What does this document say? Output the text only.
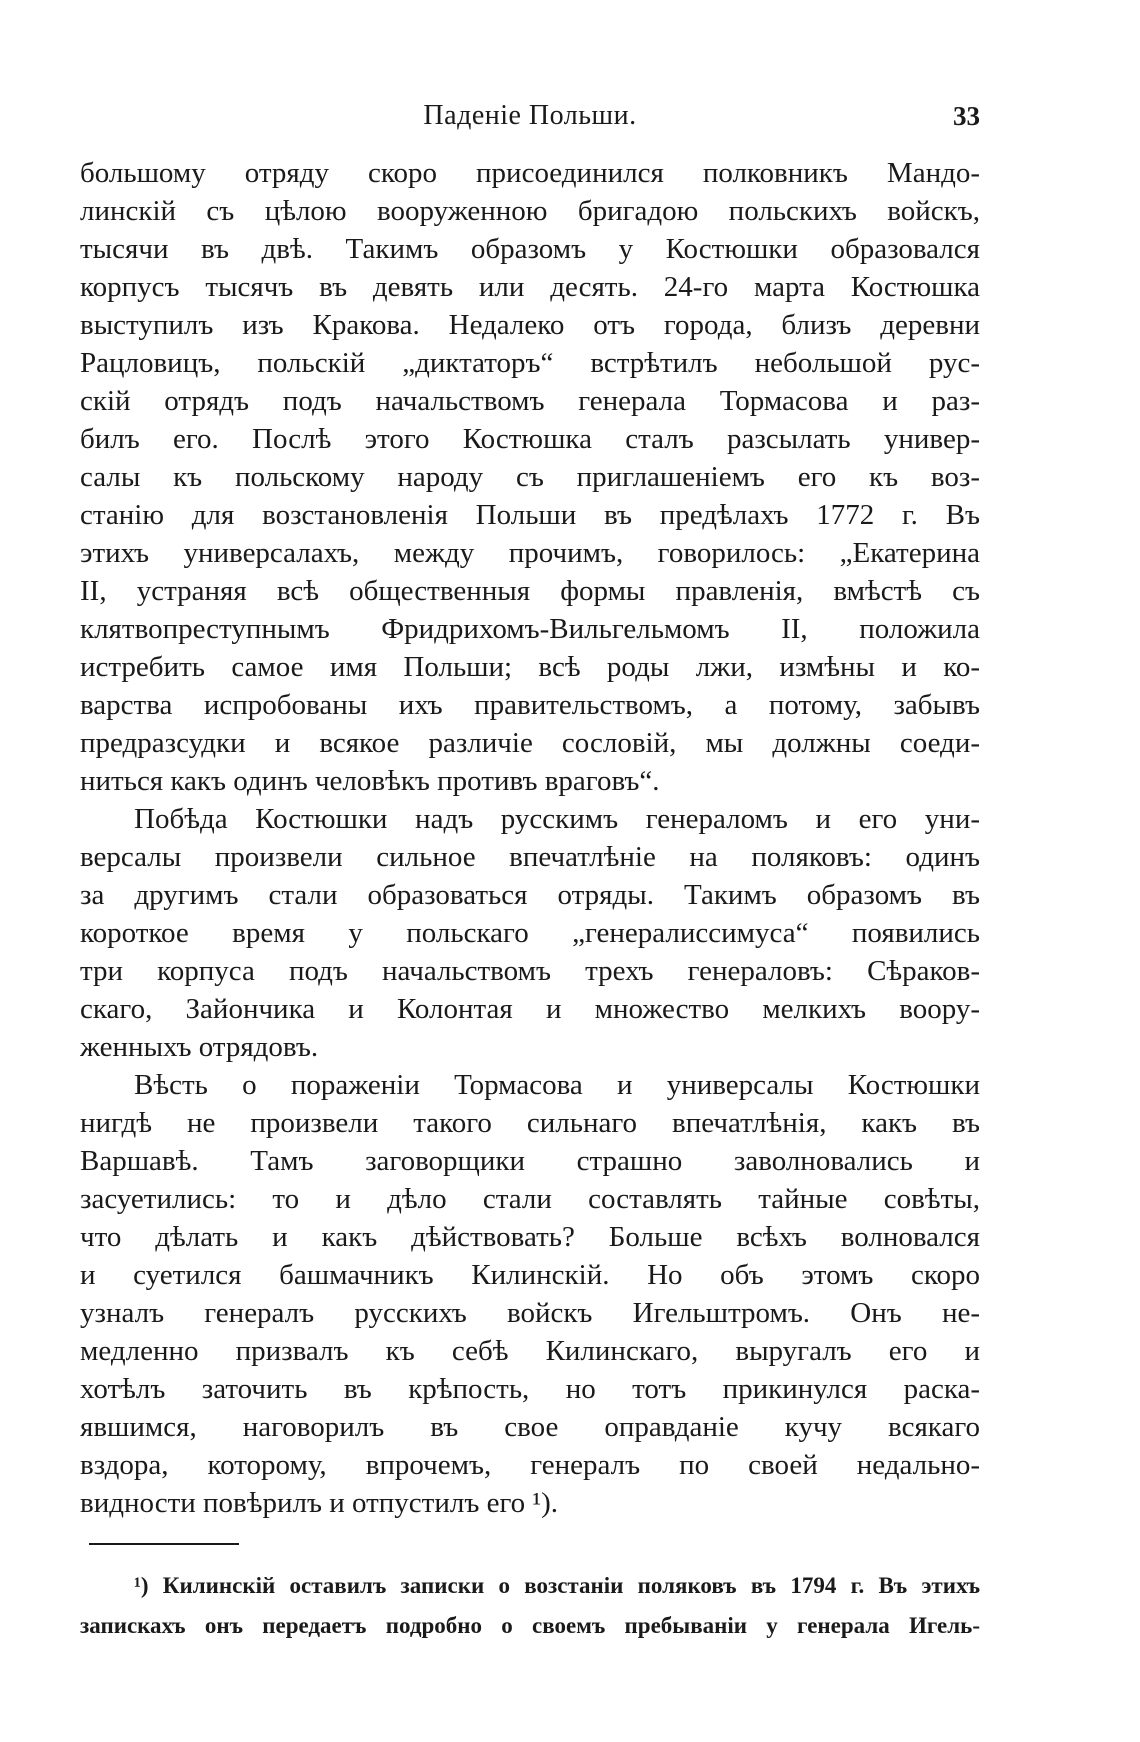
Паденіе Польши.	33
большому отряду скоро присоединился полковникъ Мандо-
линскій съ цѣлою вооруженною бригадою польскихъ войскъ,
тысячи въ двѣ. Такимъ образомъ у Костюшки образовался
корпусъ тысячъ въ девять или десять. 24-го марта Костюшка
выступилъ изъ Кракова. Недалеко отъ города, близъ деревни
Рацловицъ, польскій „диктаторъ“ встрѣтилъ небольшой рус-
скій отрядъ подъ начальствомъ генерала Тормасова и раз-
билъ его. Послѣ этого Костюшка сталъ разсылать универ-
салы къ польскому народу съ приглашеніемъ его къ воз-
станію для возстановленія Польши въ предѣлахъ 1772 г. Въ
этихъ универсалахъ, между прочимъ, говорилось: „Екатерина
II, устраняя всѣ общественныя формы правленія, вмѣстѣ съ
клятвопреступнымъ Фридрихомъ-Вильгельмомъ II, положила
истребить самое имя Польши; всѣ роды лжи, измѣны и ко-
варства испробованы ихъ правительствомъ, а потому, забывъ
предразсудки и всякое различіе сословій, мы должны соеди-
ниться какъ одинъ человѣкъ противъ враговъ“.
Побѣда Костюшки надъ русскимъ генераломъ и его уни-
версалы произвели сильное впечатлѣніе на поляковъ: одинъ
за другимъ стали образоваться отряды. Такимъ образомъ въ
короткое время у польскаго „генералиссимуса“ появились
три корпуса подъ начальствомъ трехъ генераловъ: Сѣраков-
скаго, Зайончика и Колонтая и множество мелкихъ воору-
женныхъ отрядовъ.
Вѣсть о пораженіи Тормасова и универсалы Костюшки
нигдѣ не произвели такого сильнаго впечатлѣнія, какъ въ
Варшавѣ. Тамъ заговорщики страшно заволновались и
засуетились: то и дѣло стали составлять тайные совѣты,
что дѣлать и какъ дѣйствовать? Больше всѣхъ волновался
и суетился башмачникъ Килинскій. Но объ этомъ скоро
узналъ генералъ русскихъ войскъ Игельштромъ. Онъ не-
медленно призвалъ къ себѣ Килинскаго, выругалъ его и
хотѣлъ заточить въ крѣпость, но тотъ прикинулся раска-
явшимся, наговорилъ въ свое оправданіе кучу всякаго
вздора, которому, впрочемъ, генералъ по своей недально-
видности повѣрилъ и отпустилъ его ¹).
¹) Килинскій оставилъ записки о возстаніи поляковъ въ 1794 г. Въ этихъ
запискахъ онъ передаетъ подробно о своемъ пребываніи у генерала Игель-
